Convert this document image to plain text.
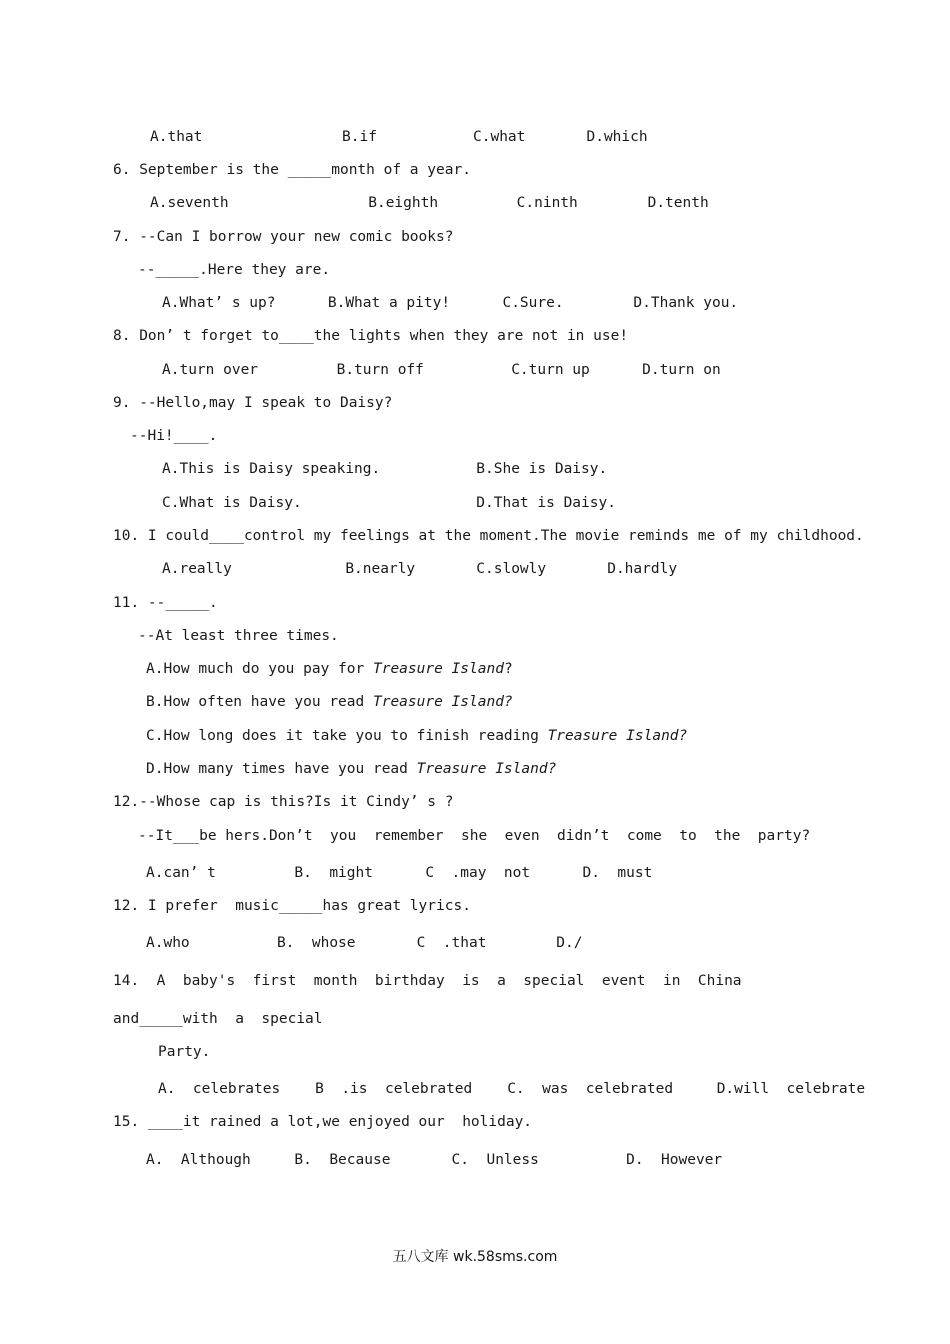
A.that                B.if           C.what       D.which
6. September is the _____month of a year.
A.seventh                B.eighth         C.ninth        D.tenth
7. --Can I borrow your new comic books?
--_____.Here they are.
A.What’ s up?      B.What a pity!      C.Sure.        D.Thank you.
8. Don’ t forget to____the lights when they are not in use!
A.turn over         B.turn off          C.turn up      D.turn on
9. --Hello,may I speak to Daisy?
--Hi!____.
A.This is Daisy speaking.           B.She is Daisy.
C.What is Daisy.                    D.That is Daisy.
10. I could____control my feelings at the moment.The movie reminds me of my childhood.
A.really             B.nearly       C.slowly       D.hardly
11. --_____.
--At least three times.
A.How much do you pay for Treasure Island?
B.How often have you read Treasure Island?
C.How long does it take you to finish reading Treasure Island?
D.How many times have you read Treasure Island?
12.--Whose cap is this?Is it Cindy’ s ?
--It___be hers.Don’t  you  remember  she  even  didn’t  come  to  the  party?
A.can’ t         B.  might      C  .may  not      D.  must
12. I prefer  music_____has great lyrics.
A.who          B.  whose       C  .that        D./
14.  A  baby's  first  month  birthday  is  a  special  event  in  China
and_____with  a  special
Party.
A.  celebrates    B  .is  celebrated    C.  was  celebrated     D.will  celebrate
15. ____it rained a lot,we enjoyed our  holiday.
A.  Although     B.  Because       C.  Unless          D.  However
五八文库 wk.58sms.com
